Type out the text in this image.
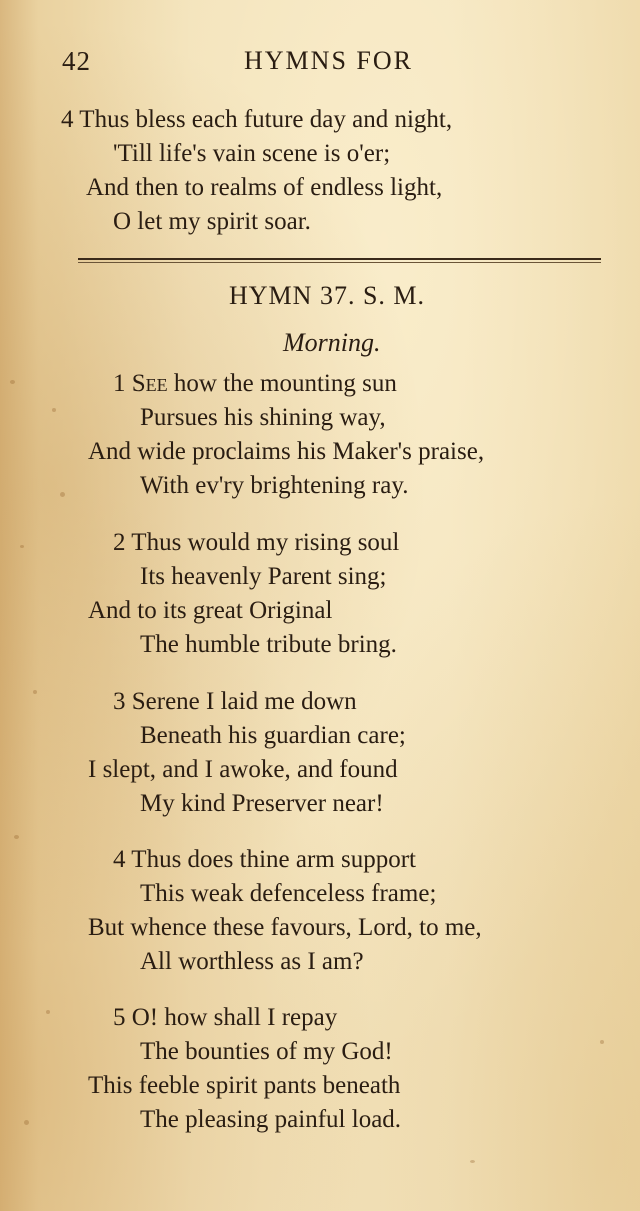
42	HYMNS FOR
4 Thus bless each future day and night,
'Till life's vain scene is o'er;
And then to realms of endless light,
O let my spirit soar.
HYMN 37. S. M.
Morning.
1 See how the mounting sun
Pursues his shining way,
And wide proclaims his Maker's praise,
With ev'ry brightening ray.
2 Thus would my rising soul
Its heavenly Parent sing;
And to its great Original
The humble tribute bring.
3 Serene I laid me down
Beneath his guardian care;
I slept, and I awoke, and found
My kind Preserver near!
4 Thus does thine arm support
This weak defenceless frame;
But whence these favours, Lord, to me,
All worthless as I am?
5 O! how shall I repay
The bounties of my God!
This feeble spirit pants beneath
The pleasing painful load.
